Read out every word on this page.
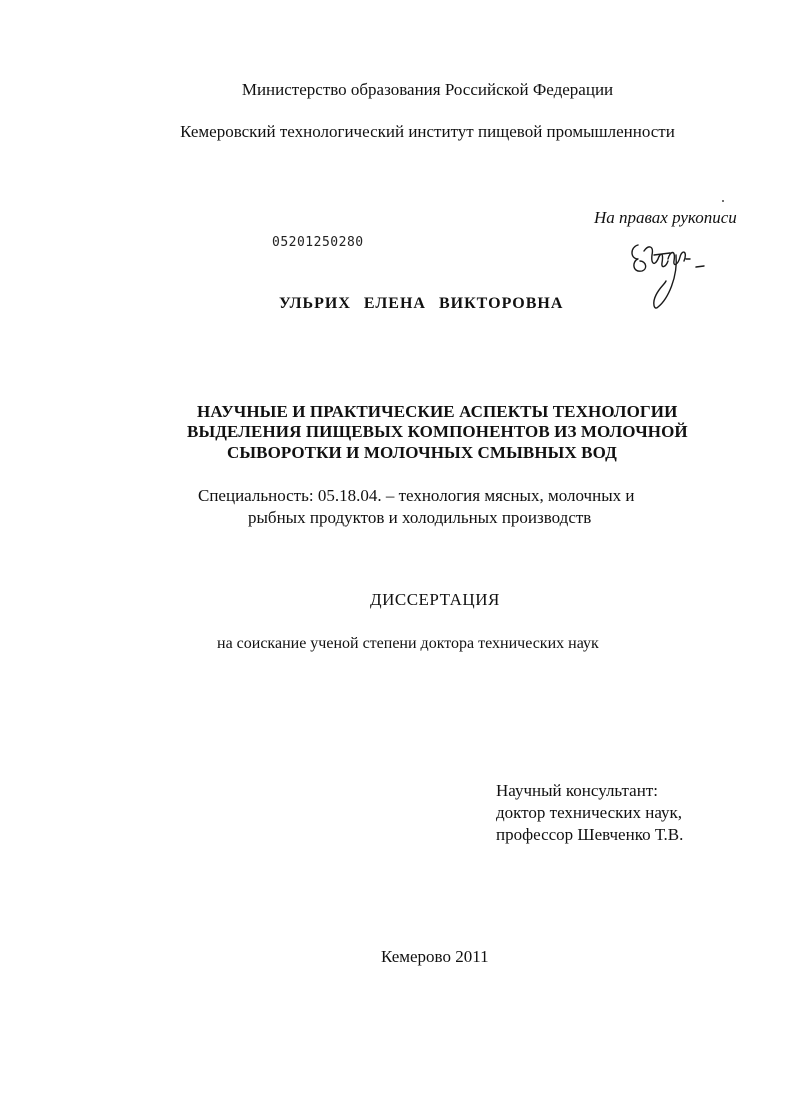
Министерство образования Российской Федерации
Кемеровский технологический институт пищевой промышленности
На правах рукописи
05201250280
УЛЬРИХ ЕЛЕНА ВИКТОРОВНА
НАУЧНЫЕ И ПРАКТИЧЕСКИЕ АСПЕКТЫ ТЕХНОЛОГИИ
ВЫДЕЛЕНИЯ ПИЩЕВЫХ КОМПОНЕНТОВ ИЗ МОЛОЧНОЙ
СЫВОРОТКИ И МОЛОЧНЫХ СМЫВНЫХ ВОД
Специальность: 05.18.04. – технология мясных, молочных и
рыбных продуктов и холодильных производств
ДИССЕРТАЦИЯ
на соискание ученой степени доктора технических наук
Научный консультант:
доктор технических наук,
профессор Шевченко Т.В.
Кемерово 2011
